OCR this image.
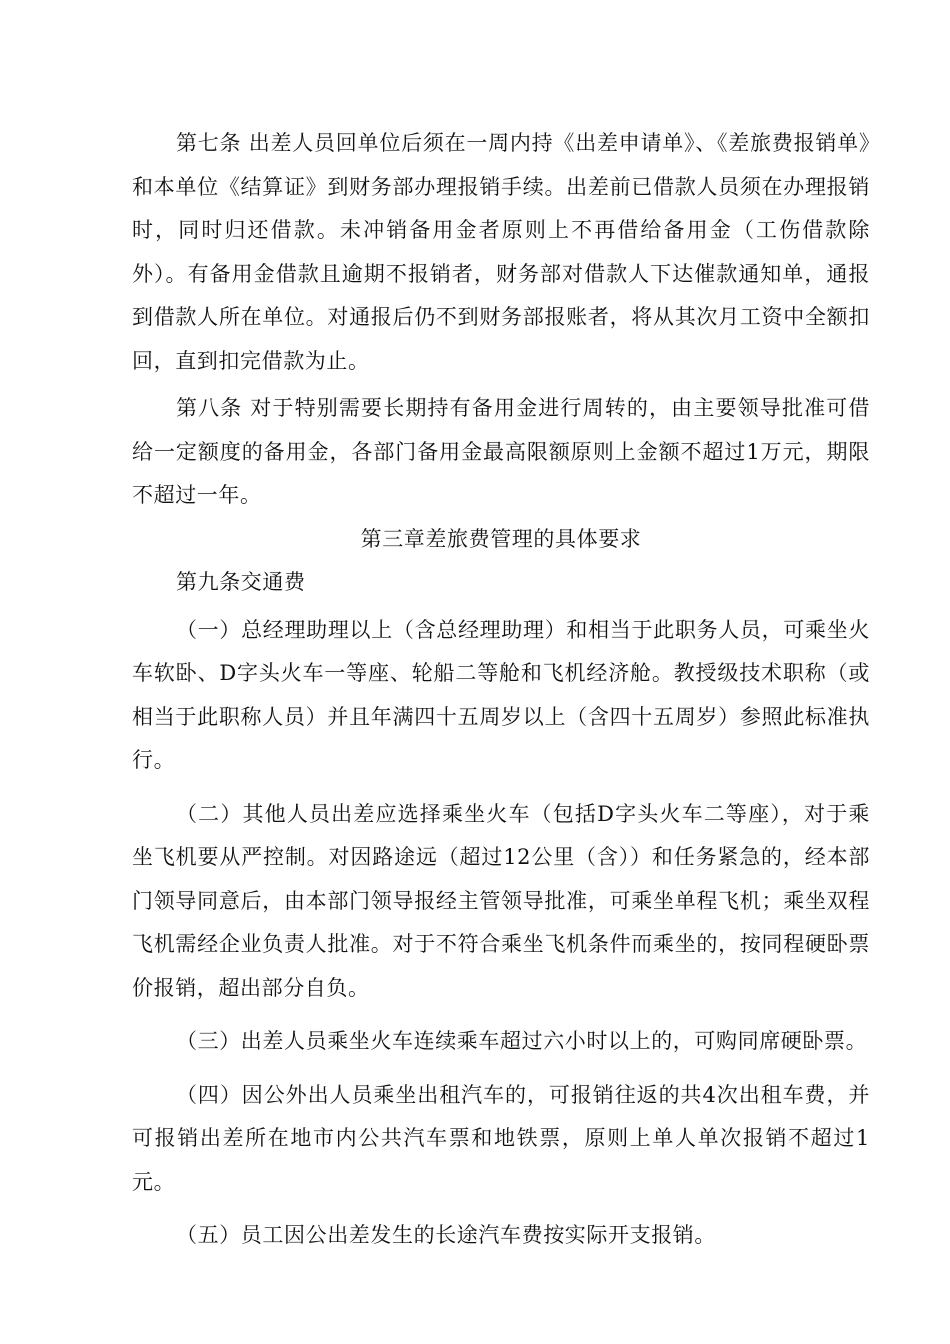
第七条 出差人员回单位后须在一周内持《出差申请单》、《差旅费报销单》和本单位《结算证》到财务部办理报销手续。出差前已借款人员须在办理报销时，同时归还借款。未冲销备用金者原则上不再借给备用金（工伤借款除外）。有备用金借款且逾期不报销者，财务部对借款人下达催款通知单，通报到借款人所在单位。对通报后仍不到财务部报账者，将从其次月工资中全额扣回，直到扣完借款为止。

第八条 对于特别需要长期持有备用金进行周转的，由主要领导批准可借给一定额度的备用金，各部门备用金最高限额原则上金额不超过1万元，期限不超过一年。

第三章差旅费管理的具体要求

第九条交通费

（一）总经理助理以上（含总经理助理）和相当于此职务人员，可乘坐火车软卧、D字头火车一等座、轮船二等舱和飞机经济舱。教授级技术职称（或相当于此职称人员）并且年满四十五周岁以上（含四十五周岁）参照此标准执行。

（二）其他人员出差应选择乘坐火车（包括D字头火车二等座），对于乘坐飞机要从严控制。对因路途远（超过12公里（含））和任务紧急的，经本部门领导同意后，由本部门领导报经主管领导批准，可乘坐单程飞机；乘坐双程飞机需经企业负责人批准。对于不符合乘坐飞机条件而乘坐的，按同程硬卧票价报销，超出部分自负。

（三）出差人员乘坐火车连续乘车超过六小时以上的，可购同席硬卧票。

（四）因公外出人员乘坐出租汽车的，可报销往返的共4次出租车费，并可报销出差所在地市内公共汽车票和地铁票，原则上单人单次报销不超过1元。

（五）员工因公出差发生的长途汽车费按实际开支报销。
